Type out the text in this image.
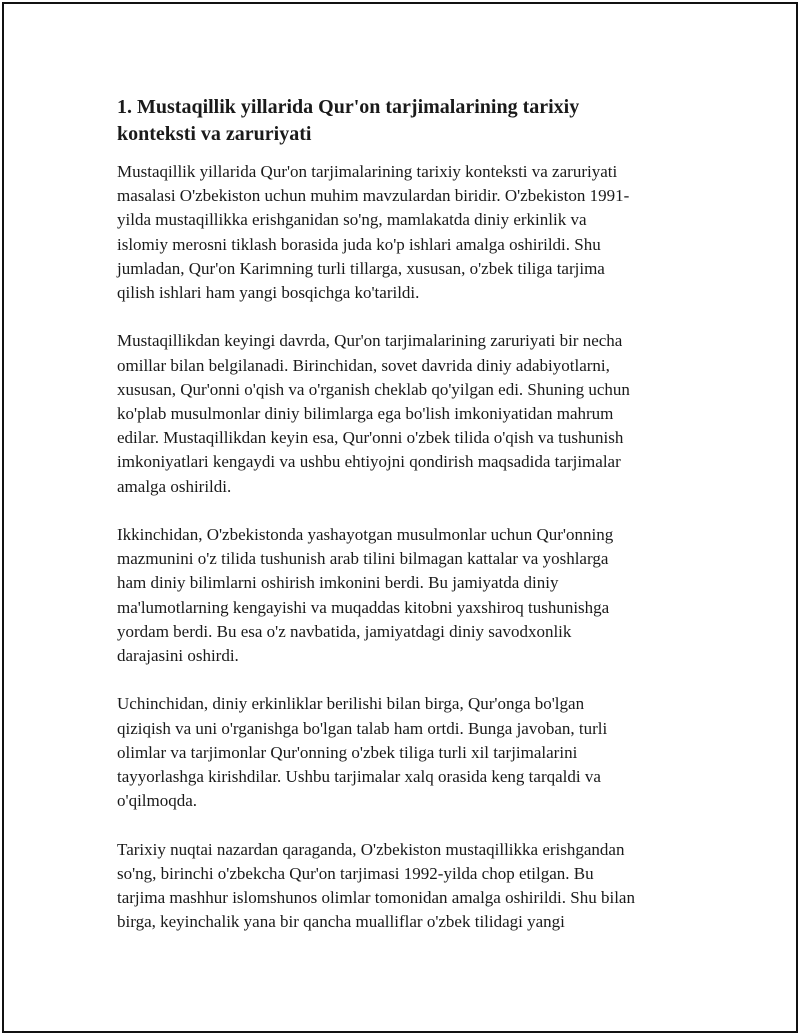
1. Mustaqillik yillarida Qur'on tarjimalarining tarixiy
konteksti va zaruriyati
Mustaqillik yillarida Qur'on tarjimalarining tarixiy konteksti va zaruriyati
masalasi O'zbekiston uchun muhim mavzulardan biridir. O'zbekiston 1991-
yilda mustaqillikka erishganidan so'ng, mamlakatda diniy erkinlik va
islomiy merosni tiklash borasida juda ko'p ishlari amalga oshirildi. Shu
jumladan, Qur'on Karimning turli tillarga, xususan, o'zbek tiliga tarjima
qilish ishlari ham yangi bosqichga ko'tarildi.
Mustaqillikdan keyingi davrda, Qur'on tarjimalarining zaruriyati bir necha
omillar bilan belgilanadi. Birinchidan, sovet davrida diniy adabiyotlarni,
xususan, Qur'onni o'qish va o'rganish cheklab qo'yilgan edi. Shuning uchun
ko'plab musulmonlar diniy bilimlarga ega bo'lish imkoniyatidan mahrum
edilar. Mustaqillikdan keyin esa, Qur'onni o'zbek tilida o'qish va tushunish
imkoniyatlari kengaydi va ushbu ehtiyojni qondirish maqsadida tarjimalar
amalga oshirildi.
Ikkinchidan, O'zbekistonda yashayotgan musulmonlar uchun Qur'onning
mazmunini o'z tilida tushunish arab tilini bilmagan kattalar va yoshlarga
ham diniy bilimlarni oshirish imkonini berdi. Bu jamiyatda diniy
ma'lumotlarning kengayishi va muqaddas kitobni yaxshiroq tushunishga
yordam berdi. Bu esa o'z navbatida, jamiyatdagi diniy savodxonlik
darajasini oshirdi.
Uchinchidan, diniy erkinliklar berilishi bilan birga, Qur'onga bo'lgan
qiziqish va uni o'rganishga bo'lgan talab ham ortdi. Bunga javoban, turli
olimlar va tarjimonlar Qur'onning o'zbek tiliga turli xil tarjimalarini
tayyorlashga kirishdilar. Ushbu tarjimalar xalq orasida keng tarqaldi va
o'qilmoqda.
Tarixiy nuqtai nazardan qaraganda, O'zbekiston mustaqillikka erishgandan
so'ng, birinchi o'zbekcha Qur'on tarjimasi 1992-yilda chop etilgan. Bu
tarjima mashhur islomshunos olimlar tomonidan amalga oshirildi. Shu bilan
birga, keyinchalik yana bir qancha mualliflar o'zbek tilidagi yangi
